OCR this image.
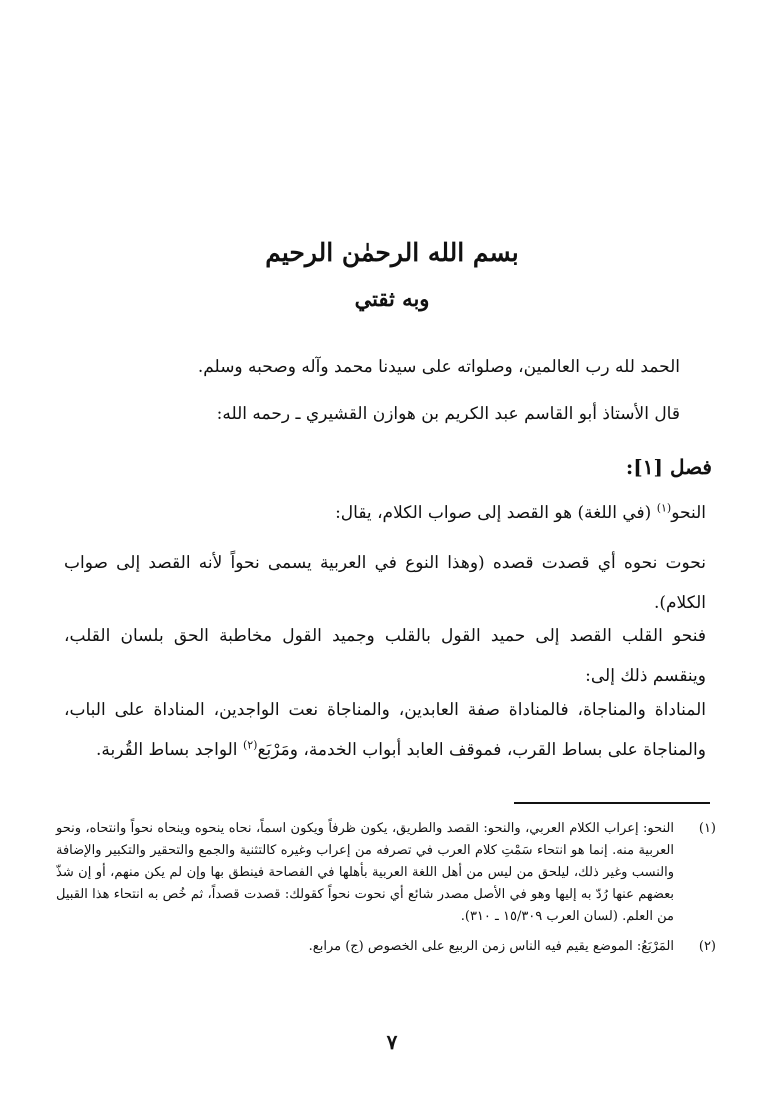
بسم الله الرحمٰن الرحيم
وبه ثقتي

الحمد لله رب العالمين، وصلواته على سيدنا محمد وآله وصحبه وسلم.

قال الأستاذ أبو القاسم عبد الكريم بن هوازن القشيري ـ رحمه الله:

فصل [١]:

النحو$^{(١)}$ (في اللغة) هو القصد إلى صواب الكلام، يقال:

نحوت نحوه أي قصدت قصده (وهذا النوع في العربية يسمى نحواً لأنه القصد إلى صواب الكلام).

فنحو القلب القصد إلى حميد القول بالقلب وجميد القول مخاطبة الحق بلسان القلب، وينقسم ذلك إلى:

المناداة والمناجاة، فالمناداة صفة العابدين، والمناجاة نعت الواجدين، المناداة على الباب، والمناجاة على بساط القرب، فموقف العابد أبواب الخدمة، ومَرْبَع$^{(٢)}$ الواجد بساط القُربة.

(١)
النحو: إعراب الكلام العربي، والنحو: القصد والطريق، يكون ظرفاً ويكون اسماً، نحاه ينحوه وينحاه نحواً وانتحاه، ونحو العربية منه. إنما هو انتحاء سَمْتِ كلام العرب في تصرفه من إعراب وغيره كالتثنية والجمع والتحقير والتكبير والإضافة والنسب وغير ذلك، ليلحق من ليس من أهل اللغة العربية بأهلها في الفصاحة فينطق بها وإن لم يكن منهم، أو إن شذّ بعضهم عنها رُدّ به إليها وهو في الأصل مصدر شائع أي نحوت نحواً كقولك: قصدت قصداً، ثم خُص به انتحاء هذا القبيل من العلم. (لسان العرب ١٥/٣٠٩ ـ ٣١٠).
(٢)
المَرْبَعُ: الموضع يقيم فيه الناس زمن الربيع على الخصوص (ج) مرابع.
٧
